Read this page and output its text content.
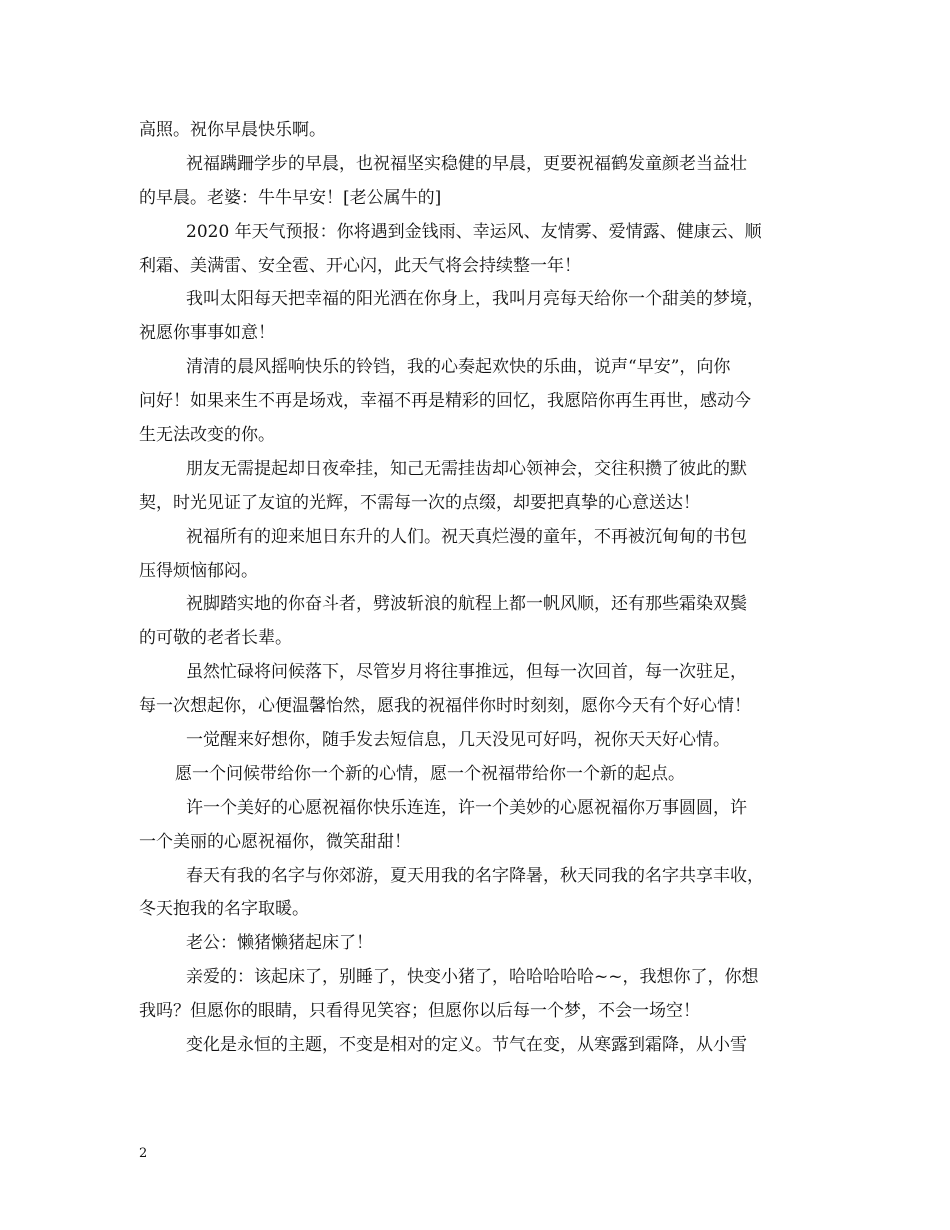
高照。祝你早晨快乐啊。
祝福蹒跚学步的早晨，也祝福坚实稳健的早晨，更要祝福鹤发童颜老当益壮
的早晨。老婆：牛牛早安！[老公属牛的]
2020 年天气预报：你将遇到金钱雨、幸运风、友情雾、爱情露、健康云、顺
利霜、美满雷、安全雹、开心闪，此天气将会持续整一年！
我叫太阳每天把幸福的阳光洒在你身上，我叫月亮每天给你一个甜美的梦境，
祝愿你事事如意！
清清的晨风摇响快乐的铃铛，我的心奏起欢快的乐曲，说声“早安”，向你
问好！如果来生不再是场戏，幸福不再是精彩的回忆，我愿陪你再生再世，感动今
生无法改变的你。
朋友无需提起却日夜牵挂，知己无需挂齿却心领神会，交往积攒了彼此的默
契，时光见证了友谊的光辉，不需每一次的点缀，却要把真挚的心意送达！
祝福所有的迎来旭日东升的人们。祝天真烂漫的童年，不再被沉甸甸的书包
压得烦恼郁闷。
祝脚踏实地的你奋斗者，劈波斩浪的航程上都一帆风顺，还有那些霜染双鬓
的可敬的老者长辈。
虽然忙碌将问候落下，尽管岁月将往事推远，但每一次回首，每一次驻足，
每一次想起你，心便温馨怡然，愿我的祝福伴你时时刻刻，愿你今天有个好心情！
一觉醒来好想你，随手发去短信息，几天没见可好吗，祝你天天好心情。
愿一个问候带给你一个新的心情，愿一个祝福带给你一个新的起点。
许一个美好的心愿祝福你快乐连连，许一个美妙的心愿祝福你万事圆圆，许
一个美丽的心愿祝福你，微笑甜甜！
春天有我的名字与你郊游，夏天用我的名字降暑，秋天同我的名字共享丰收，
冬天抱我的名字取暖。
老公：懒猪懒猪起床了！
亲爱的：该起床了，别睡了，快变小猪了，哈哈哈哈哈~~，我想你了，你想
我吗？但愿你的眼睛，只看得见笑容；但愿你以后每一个梦，不会一场空！
变化是永恒的主题，不变是相对的定义。节气在变，从寒露到霜降，从小雪
2
